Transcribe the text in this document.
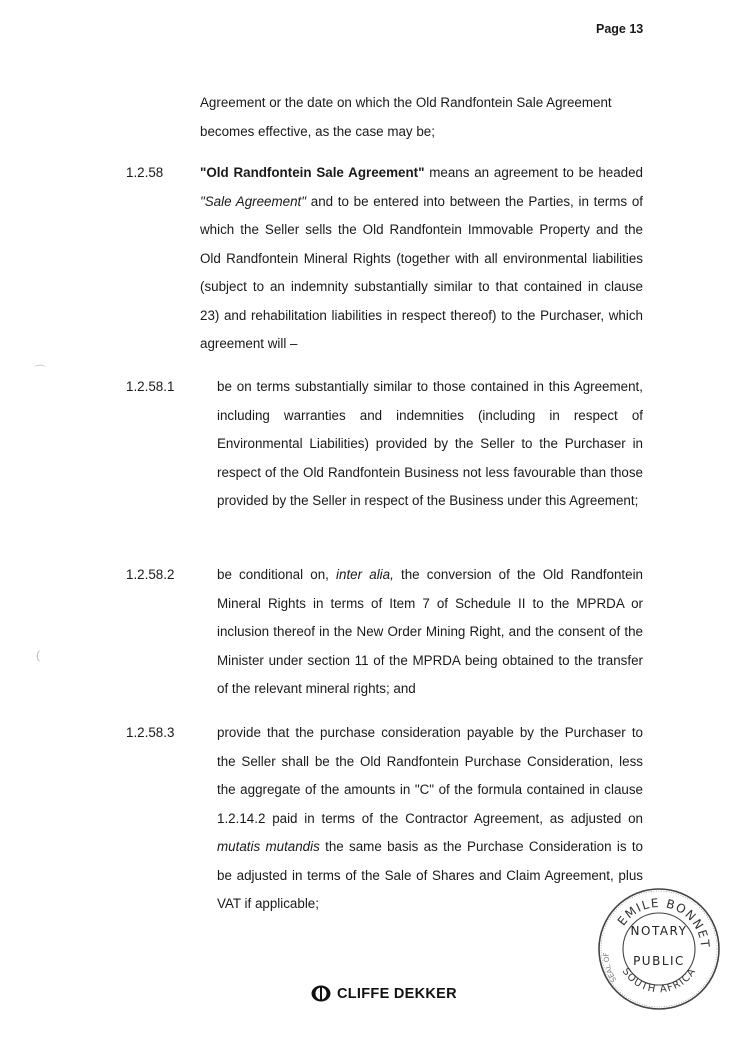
Page 13
Agreement or the date on which the Old Randfontein Sale Agreement becomes effective, as the case may be;
1.2.58	"Old Randfontein Sale Agreement" means an agreement to be headed "Sale Agreement" and to be entered into between the Parties, in terms of which the Seller sells the Old Randfontein Immovable Property and the Old Randfontein Mineral Rights (together with all environmental liabilities (subject to an indemnity substantially similar to that contained in clause 23) and rehabilitation liabilities in respect thereof) to the Purchaser, which agreement will –
1.2.58.1	be on terms substantially similar to those contained in this Agreement, including warranties and indemnities (including in respect of Environmental Liabilities) provided by the Seller to the Purchaser in respect of the Old Randfontein Business not less favourable than those provided by the Seller in respect of the Business under this Agreement;
1.2.58.2	be conditional on, inter alia, the conversion of the Old Randfontein Mineral Rights in terms of Item 7 of Schedule II to the MPRDA or inclusion thereof in the New Order Mining Right, and the consent of the Minister under section 11 of the MPRDA being obtained to the transfer of the relevant mineral rights; and
1.2.58.3	provide that the purchase consideration payable by the Purchaser to the Seller shall be the Old Randfontein Purchase Consideration, less the aggregate of the amounts in "C" of the formula contained in clause 1.2.14.2 paid in terms of the Contractor Agreement, as adjusted on mutatis mutandis the same basis as the Purchase Consideration is to be adjusted in terms of the Sale of Shares and Claim Agreement, plus VAT if applicable;
⌒
(
CLIFFE DEKKER
EMILE BONNET
SEAL OF
SOUTH AFRICA
NOTARY
PUBLIC
